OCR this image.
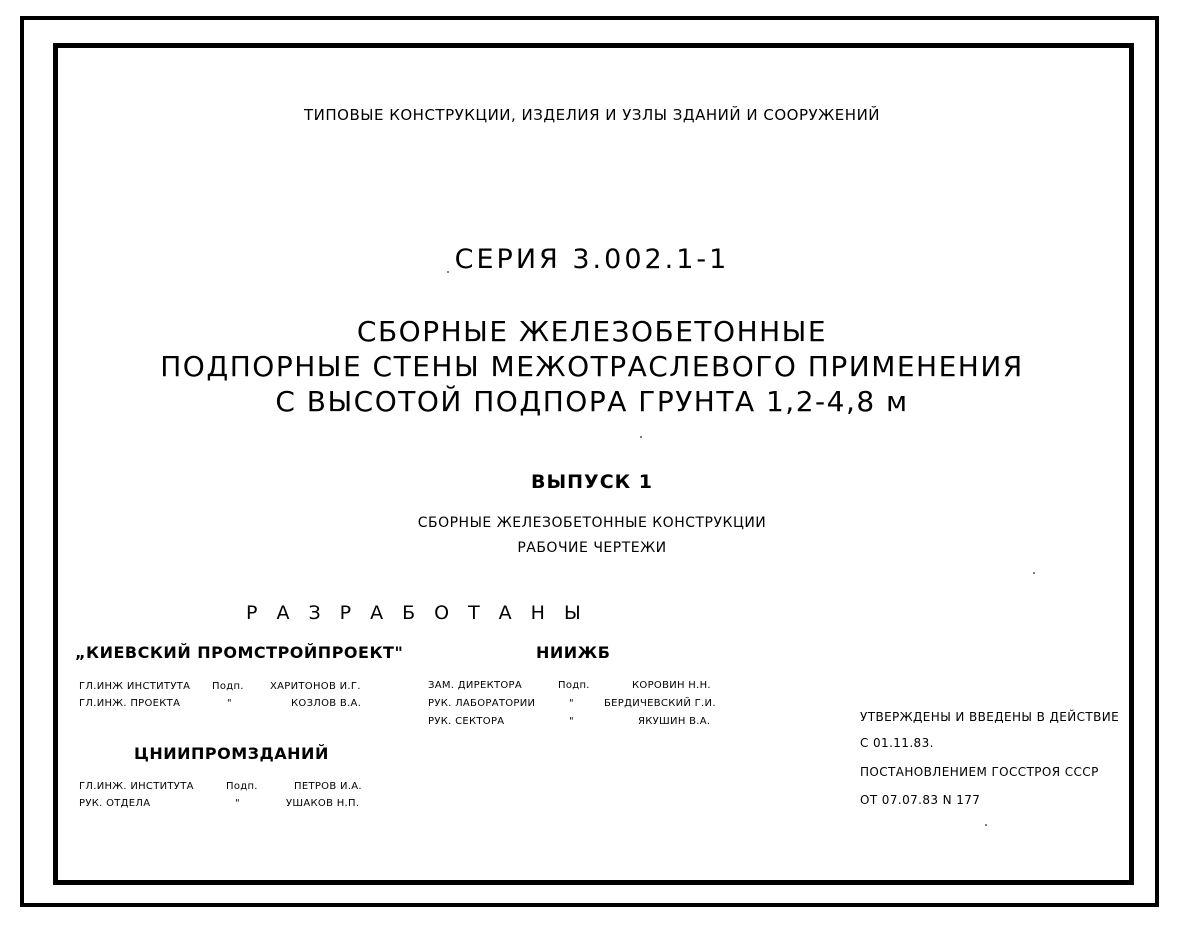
ТИПОВЫЕ КОНСТРУКЦИИ, ИЗДЕЛИЯ И УЗЛЫ ЗДАНИЙ И СООРУЖЕНИЙ
СЕРИЯ 3.002.1-1
СБОРНЫЕ ЖЕЛЕЗОБЕТОННЫЕ
ПОДПОРНЫЕ СТЕНЫ МЕЖОТРАСЛЕВОГО ПРИМЕНЕНИЯ
С ВЫСОТОЙ ПОДПОРА ГРУНТА 1,2-4,8 м
ВЫПУСК 1
СБОРНЫЕ ЖЕЛЕЗОБЕТОННЫЕ КОНСТРУКЦИИ
РАБОЧИЕ ЧЕРТЕЖИ
РАЗРАБОТАНЫ
„КИЕВСКИЙ ПРОМСТРОЙПРОЕКТ"
ГЛ.ИНЖ ИНСТИТУТА Подп.	ХАРИТОНОВ И.Г.
ГЛ.ИНЖ. ПРОЕКТА	"	КОЗЛОВ В.А.
НИИЖБ
ЗАМ. ДИРЕКТОРА	Подп.	КОРОВИН Н.Н.
РУК. ЛАБОРАТОРИИ	"	БЕРДИЧЕВСКИЙ Г.И.
РУК. СЕКТОРА	"	ЯКУШИН В.А.
ЦНИИПРОМЗДАНИЙ
ГЛ.ИНЖ. ИНСТИТУТА	Подп.	ПЕТРОВ И.А.
РУК. ОТДЕЛА	"	УШАКОВ Н.П.
УТВЕРЖДЕНЫ И ВВЕДЕНЫ В ДЕЙСТВИЕ
С 01.11.83.
ПОСТАНОВЛЕНИЕМ ГОССТРОЯ СССР
ОТ 07.07.83 N 177
